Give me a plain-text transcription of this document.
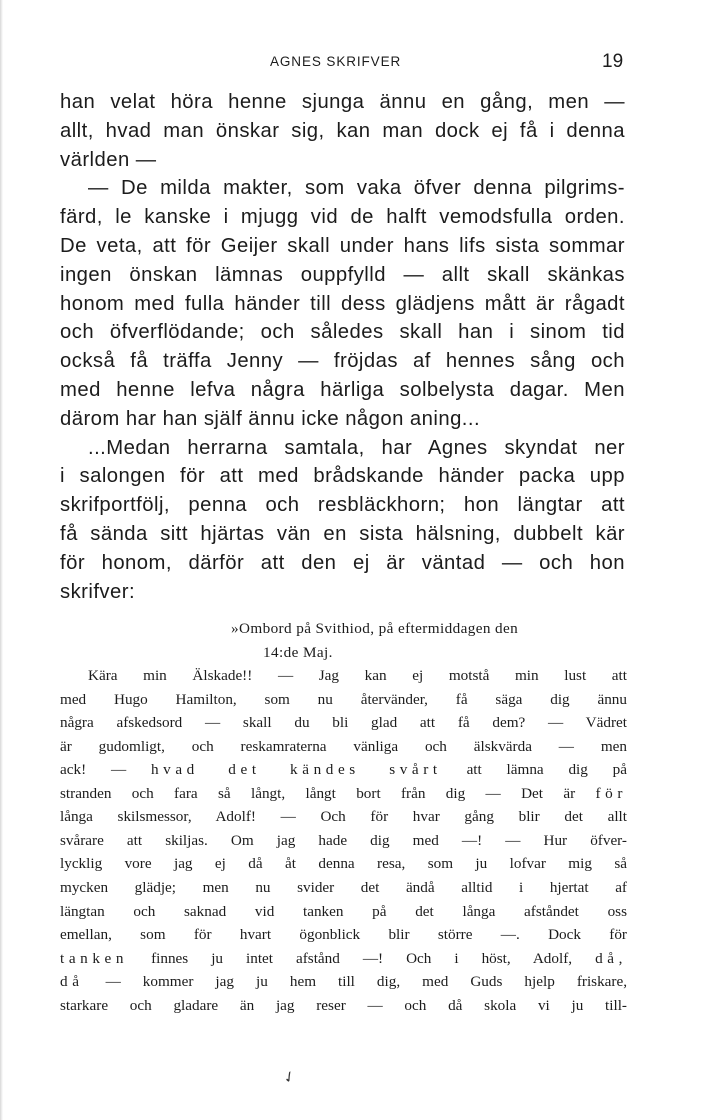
AGNES SKRIFVER	19
han velat höra henne sjunga ännu en gång, men —
allt, hvad man önskar sig, kan man dock ej få i denna
världen —
— De milda makter, som vaka öfver denna pilgrims-
färd, le kanske i mjugg vid de halft vemodsfulla orden.
De veta, att för Geijer skall under hans lifs sista sommar
ingen önskan lämnas ouppfylld — allt skall skänkas
honom med fulla händer till dess glädjens mått är rågadt
och öfverflödande; och således skall han i sinom tid
också få träffa Jenny — fröjdas af hennes sång och
med henne lefva några härliga solbelysta dagar. Men
därom har han själf ännu icke någon aning...
...Medan herrarna samtala, har Agnes skyndat ner
i salongen för att med brådskande händer packa upp
skrifportfölj, penna och resbläckhorn; hon längtar att
få sända sitt hjärtas vän en sista hälsning, dubbelt kär
för honom, därför att den ej är väntad — och hon
skrifver:
»Ombord på Svithiod, på eftermiddagen den
14:de Maj.
Kära min Älskade!! — Jag kan ej motstå min lust att
med Hugo Hamilton, som nu återvänder, få säga dig ännu
några afskedsord — skall du bli glad att få dem? — Vädret
är gudomligt, och reskamraterna vänliga och älskvärda — men
ack! — hvad det kändes svårt att lämna dig på
stranden och fara så långt, långt bort från dig — Det är för
långa skilsmessor, Adolf! — Och för hvar gång blir det allt
svårare att skiljas. Om jag hade dig med —! — Hur öfver-
lycklig vore jag ej då åt denna resa, som ju lofvar mig så
mycken glädje; men nu svider det ändå alltid i hjertat af
längtan och saknad vid tanken på det långa afståndet oss
emellan, som för hvart ögonblick blir större —. Dock för
tanken finnes ju intet afstånd —! Och i höst, Adolf, då,
då — kommer jag ju hem till dig, med Guds hjelp friskare,
starkare och gladare än jag reser — och då skola vi ju till-
✓
